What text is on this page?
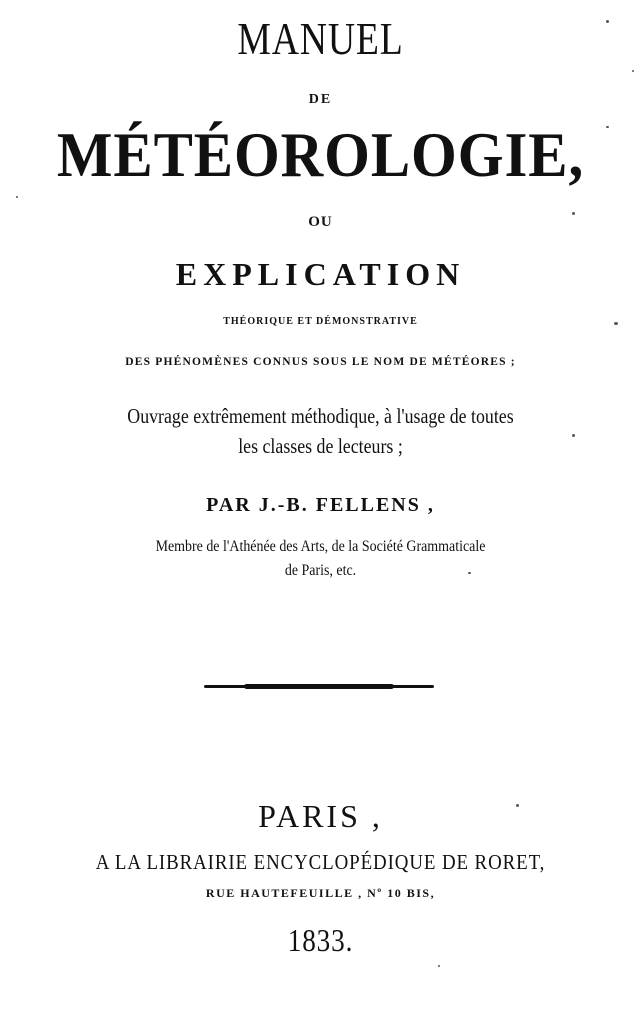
MANUEL
DE
MÉTÉOROLOGIE,
OU
EXPLICATION
THÉORIQUE ET DÉMONSTRATIVE
DES PHÉNOMÈNES CONNUS SOUS LE NOM DE MÉTÉORES ;
Ouvrage extrêmement méthodique, à l'usage de toutes
les classes de lecteurs ;
PAR J.-B. FELLENS ,
Membre de l'Athénée des Arts, de la Société Grammaticale
de Paris, etc.
PARIS ,
A LA LIBRAIRIE ENCYCLOPÉDIQUE DE RORET,
RUE HAUTEFEUILLE , Nº 10 BIS,
1833.
